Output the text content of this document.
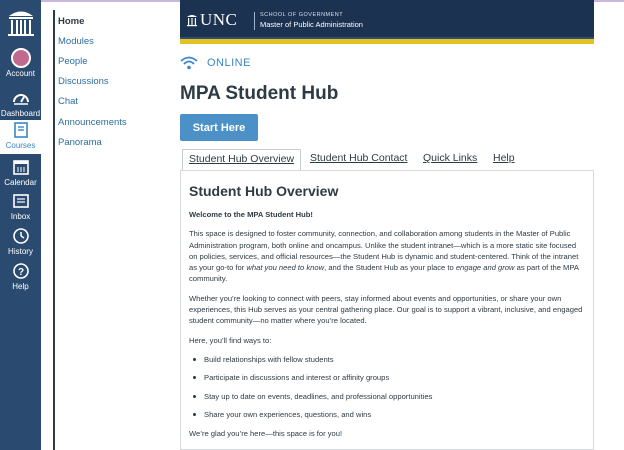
Account
Dashboard
Courses
Calendar
Inbox
History
?
Help
Home
Modules
People
Discussions
Chat
Announcements
Panorama
UNC	SCHOOL OF GOVERNMENT
Master of Public Administration
ONLINE
MPA Student Hub
Start Here
Student Hub Overview	Student Hub Contact Quick Links Help
Student Hub Overview

Welcome to the MPA Student Hub!

This space is designed to foster community, connection, and collaboration among students in the Master of Public Administration program, both online and oncampus. Unlike the student intranet—which is a more static site focused on policies, services, and official resources—the Student Hub is dynamic and student-centered. Think of the intranet as your go-to for what you need to know, and the Student Hub as your place to engage and grow as part of the MPA community.

Whether you’re looking to connect with peers, stay informed about events and opportunities, or share your own experiences, this Hub serves as your central gathering place. Our goal is to support a vibrant, inclusive, and engaged student community—no matter where you’re located.

Here, you’ll find ways to:

Build relationships with fellow students
Participate in discussions and interest or affinity groups
Stay up to date on events, deadlines, and professional opportunities
Share your own experiences, questions, and wins

We’re glad you’re here—this space is for you!
